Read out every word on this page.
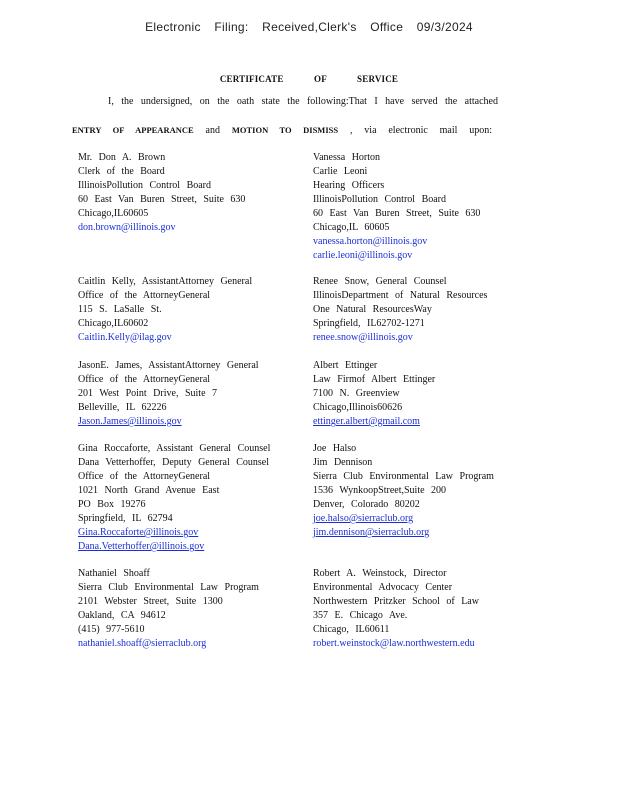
Electronic Filing: Received,Clerk's Office 09/3/2024
CERTIFICATE OF SERVICE
I, the undersigned, on the oath state the following:That I have served the attached
ENTRY OF APPEARANCE and MOTION TO DISMISS , via electronic mail upon:
Mr. Don A. Brown
Clerk of the Board
IllinoisPollution Control Board
60 East Van Buren Street, Suite 630
Chicago,IL60605
don.brown@illinois.gov
Vanessa Horton
Carlie Leoni
Hearing Officers
IllinoisPollution Control Board
60 East Van Buren Street, Suite 630
Chicago,IL 60605
vanessa.horton@illinois.gov
carlie.leoni@illinois.gov
Caitlin Kelly, AssistantAttorney General
Office of the AttorneyGeneral
115 S. LaSalle St.
Chicago,IL60602
Caitlin.Kelly@ilag.gov
Renee Snow, General Counsel
IllinoisDepartment of Natural Resources
One Natural ResourcesWay
Springfield, IL62702-1271
renee.snow@illinois.gov
JasonE. James, AssistantAttorney General
Office of the AttorneyGeneral
201 West Point Drive, Suite 7
Belleville, IL 62226
Jason.James@illinois.gov
Albert Ettinger
Law Firmof Albert Ettinger
7100 N. Greenview
Chicago,Illinois60626
ettinger.albert@gmail.com
Gina Roccaforte, Assistant General Counsel
Dana Vetterhoffer, Deputy General Counsel
Office of the AttorneyGeneral
1021 North Grand Avenue East
PO Box 19276
Springfield, IL 62794
Gina.Roccaforte@illinois.gov
Dana.Vetterhoffer@illinois.gov
Joe Halso
Jim Dennison
Sierra Club Environmental Law Program
1536 WynkoopStreet,Suite 200
Denver, Colorado 80202
joe.halso@sierraclub.org
jim.dennison@sierraclub.org
Nathaniel Shoaff
Sierra Club Environmental Law Program
2101 Webster Street, Suite 1300
Oakland, CA 94612
(415) 977-5610
nathaniel.shoaff@sierraclub.org
Robert A. Weinstock, Director
Environmental Advocacy Center
Northwestern Pritzker School of Law
357 E. Chicago Ave.
Chicago, IL60611
robert.weinstock@law.northwestern.edu
